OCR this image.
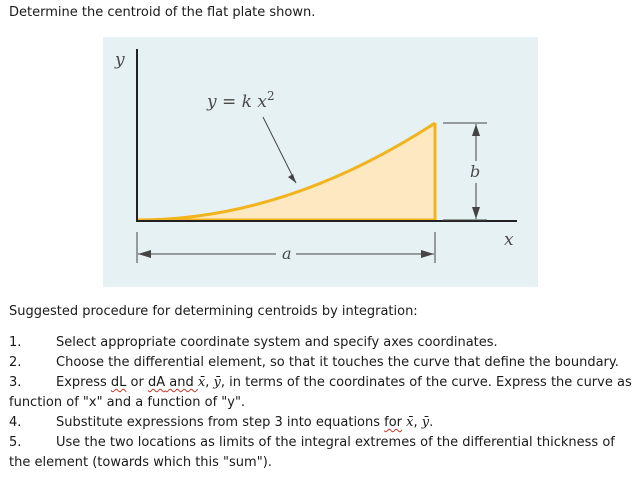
Determine the centroid of the flat plate shown.
y
x
y = k $x^2$
a
b
Suggested procedure for determining centroids by integration:
1.	Select appropriate coordinate system and specify axes coordinates.
2.	Choose the differential element, so that it touches the curve that define the boundary.
3.	Express dL or dA and x̄, ȳ, in terms of the coordinates of the curve. Express the curve as function of "x" and a function of "y".
4.	Substitute expressions from step 3 into equations for x̄, ȳ.
5.	Use the two locations as limits of the integral extremes of the differential thickness of the element (towards which this "sum").
